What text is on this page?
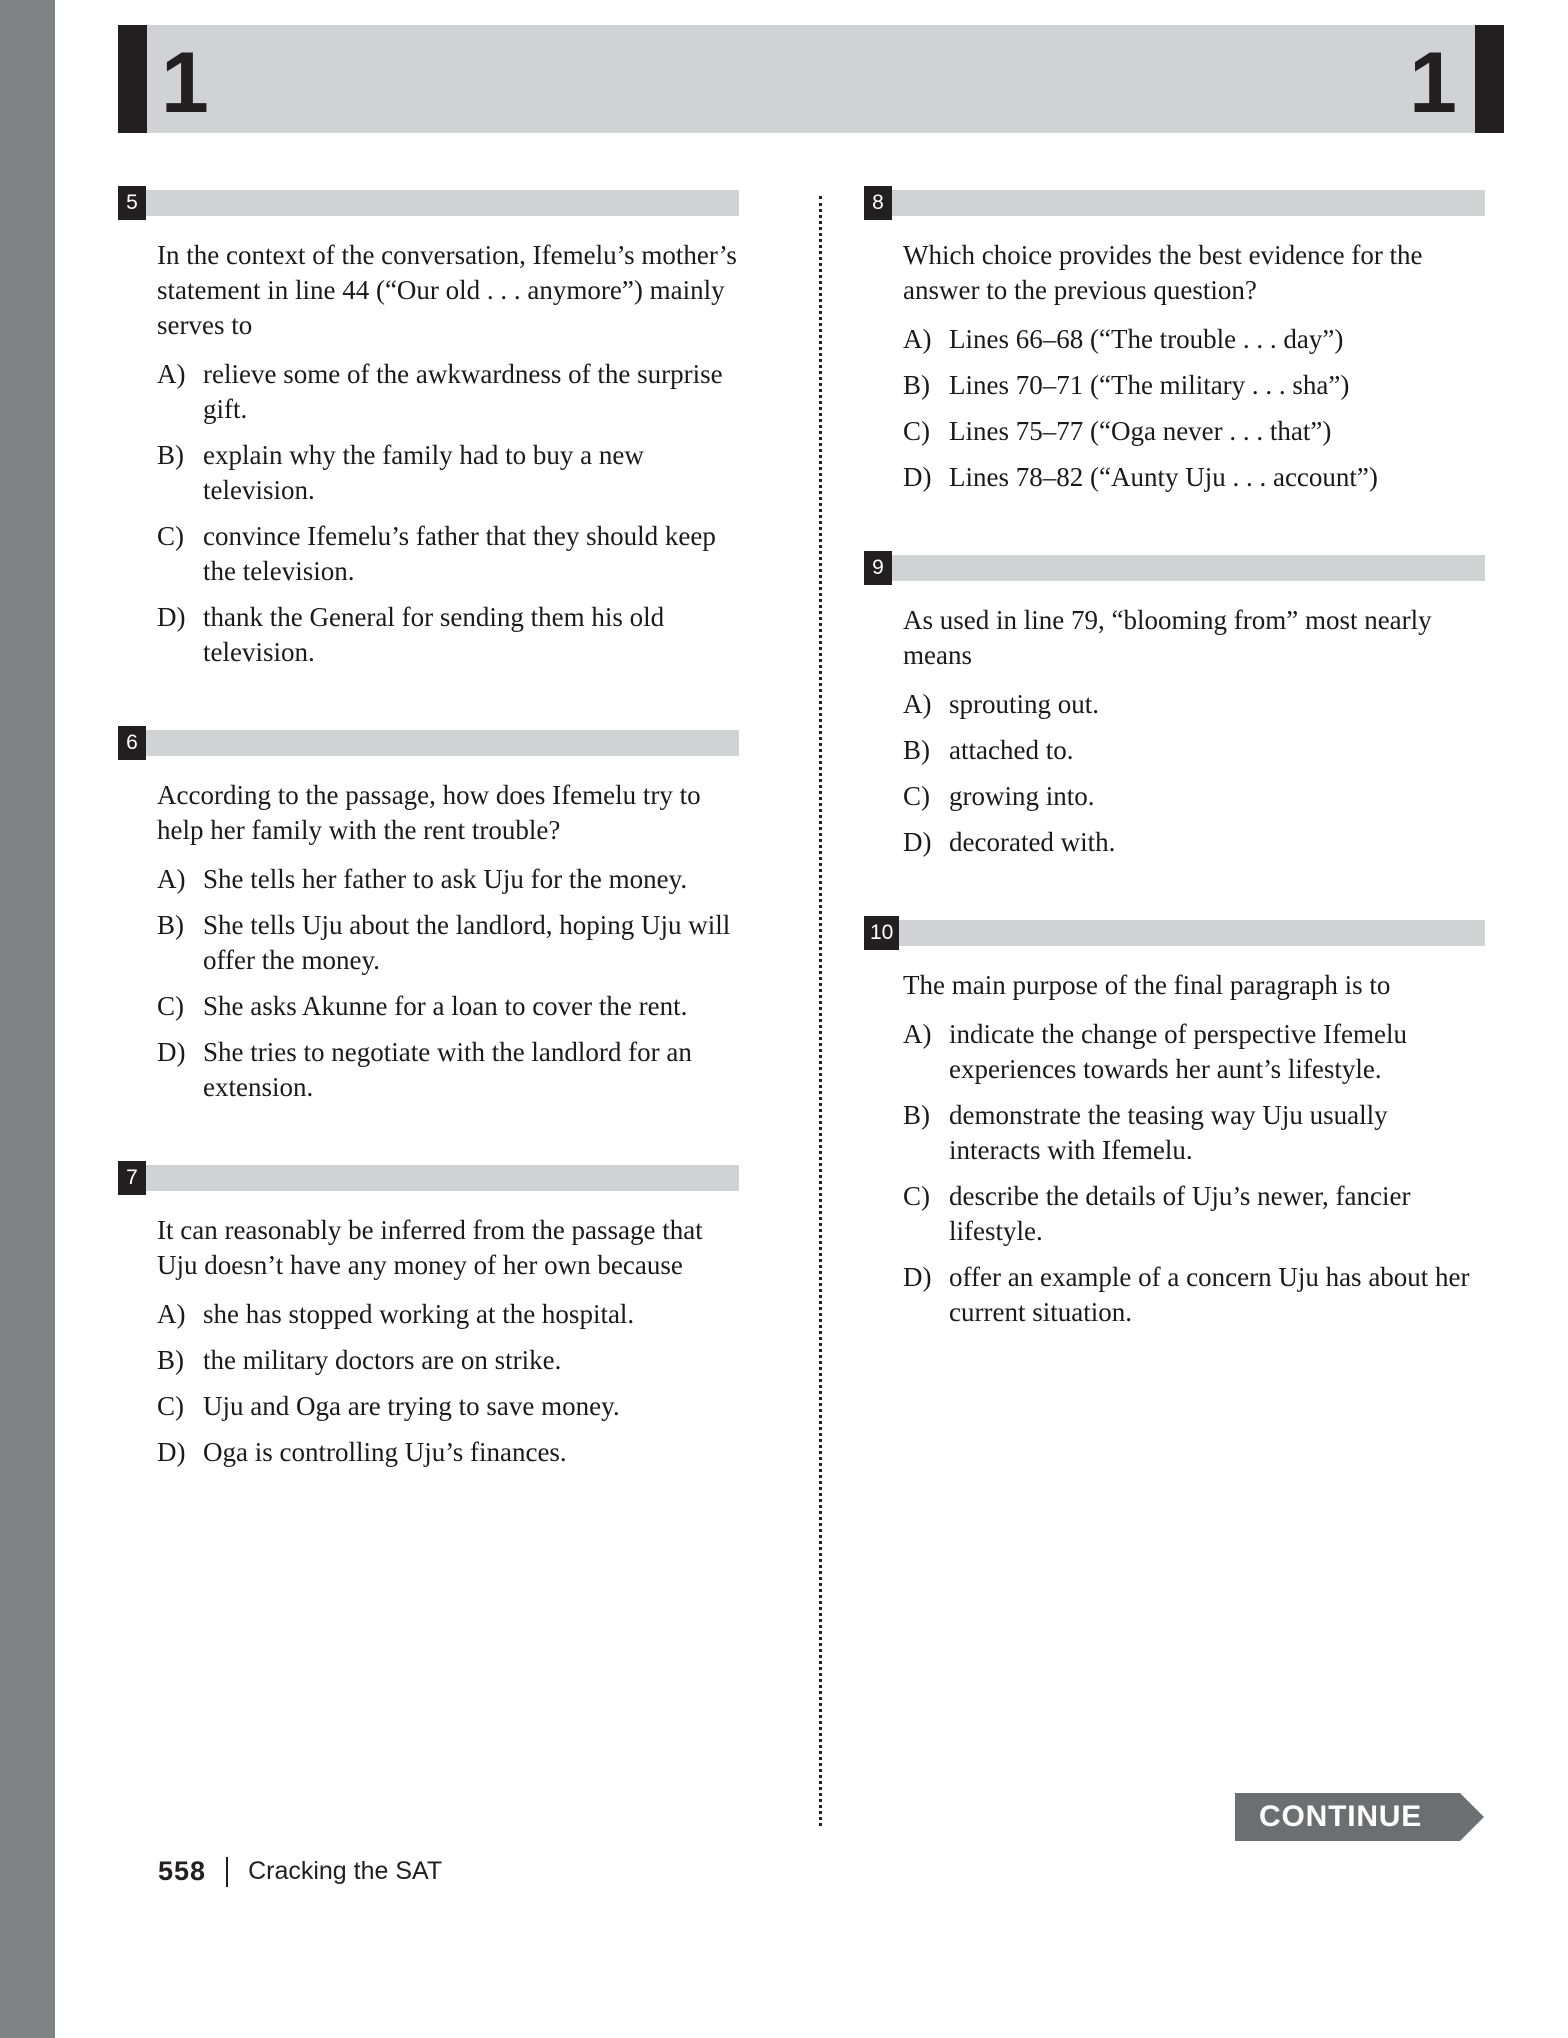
1	1
5

In the context of the conversation, Ifemelu’s mother’s statement in line 44 (“Our old . . . anymore”) mainly serves to

A) relieve some of the awkwardness of the surprise gift.
B) explain why the family had to buy a new television.
C) convince Ifemelu’s father that they should keep the television.
D) thank the General for sending them his old television.
6

According to the passage, how does Ifemelu try to help her family with the rent trouble?

A) She tells her father to ask Uju for the money.
B) She tells Uju about the landlord, hoping Uju will offer the money.
C) She asks Akunne for a loan to cover the rent.
D) She tries to negotiate with the landlord for an extension.
7

It can reasonably be inferred from the passage that Uju doesn’t have any money of her own because

A) she has stopped working at the hospital.
B) the military doctors are on strike.
C) Uju and Oga are trying to save money.
D) Oga is controlling Uju’s finances.
8

Which choice provides the best evidence for the answer to the previous question?

A) Lines 66–68 (“The trouble . . . day”)
B) Lines 70–71 (“The military . . . sha”)
C) Lines 75–77 (“Oga never . . . that”)
D) Lines 78–82 (“Aunty Uju . . . account”)
9

As used in line 79, “blooming from” most nearly means

A) sprouting out.
B) attached to.
C) growing into.
D) decorated with.
10

The main purpose of the final paragraph is to

A) indicate the change of perspective Ifemelu experiences towards her aunt’s lifestyle.
B) demonstrate the teasing way Uju usually interacts with Ifemelu.
C) describe the details of Uju’s newer, fancier lifestyle.
D) offer an example of a concern Uju has about her current situation.
CONTINUE
558 Cracking the SAT
